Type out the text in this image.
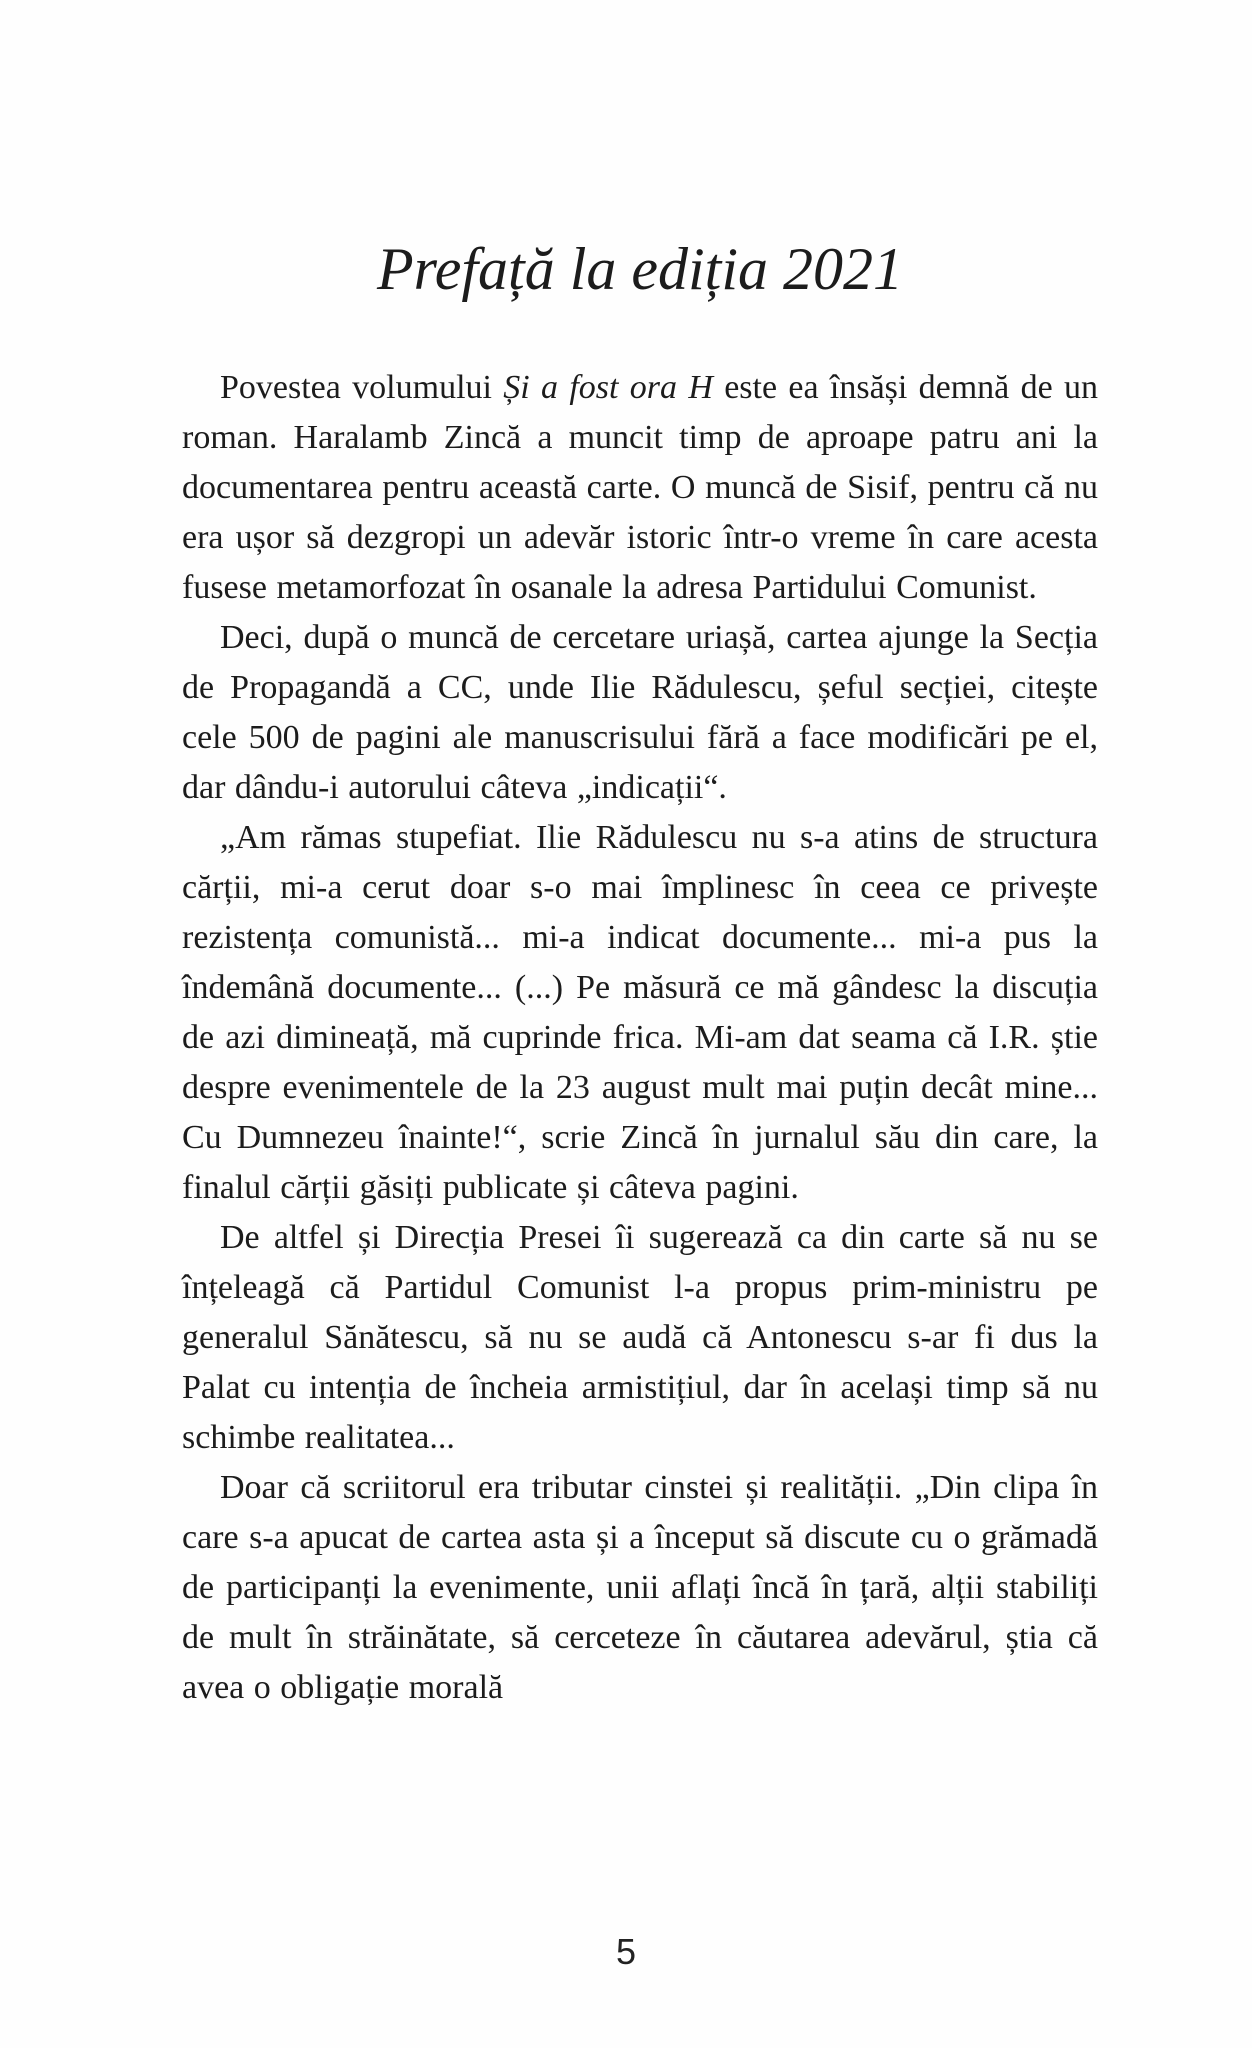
Prefață la ediția 2021

Povestea volumului Și a fost ora H este ea însăși demnă de un roman. Haralamb Zincă a muncit timp de aproape patru ani la documentarea pentru această carte. O muncă de Sisif, pentru că nu era ușor să dezgropi un adevăr istoric într-o vreme în care acesta fusese metamorfozat în osanale la adresa Partidului Comunist.

Deci, după o muncă de cercetare uriașă, cartea ajunge la Secția de Propagandă a CC, unde Ilie Rădulescu, șeful secției, citește cele 500 de pagini ale manuscrisului fără a face modificări pe el, dar dându-i autorului câteva „indicații“.

„Am rămas stupefiat. Ilie Rădulescu nu s-a atins de structura cărții, mi-a cerut doar s-o mai împlinesc în ceea ce privește rezistența comunistă... mi-a indicat documente... mi-a pus la îndemână documente... (...) Pe măsură ce mă gândesc la discuția de azi dimineață, mă cuprinde frica. Mi-am dat seama că I.R. știe despre evenimentele de la 23 august mult mai puțin decât mine... Cu Dumnezeu înainte!“, scrie Zincă în jurnalul său din care, la finalul cărții găsiți publicate și câteva pagini.

De altfel și Direcția Presei îi sugerează ca din carte să nu se înțeleagă că Partidul Comunist l-a propus prim-ministru pe generalul Sănătescu, să nu se audă că Antonescu s-ar fi dus la Palat cu intenția de încheia armistițiul, dar în același timp să nu schimbe realitatea...

Doar că scriitorul era tributar cinstei și realității. „Din clipa în care s-a apucat de cartea asta și a început să discute cu o grămadă de participanți la evenimente, unii aflați încă în țară, alții stabiliți de mult în străinătate, să cerceteze în căutarea adevărul, știa că avea o obligație morală

5
